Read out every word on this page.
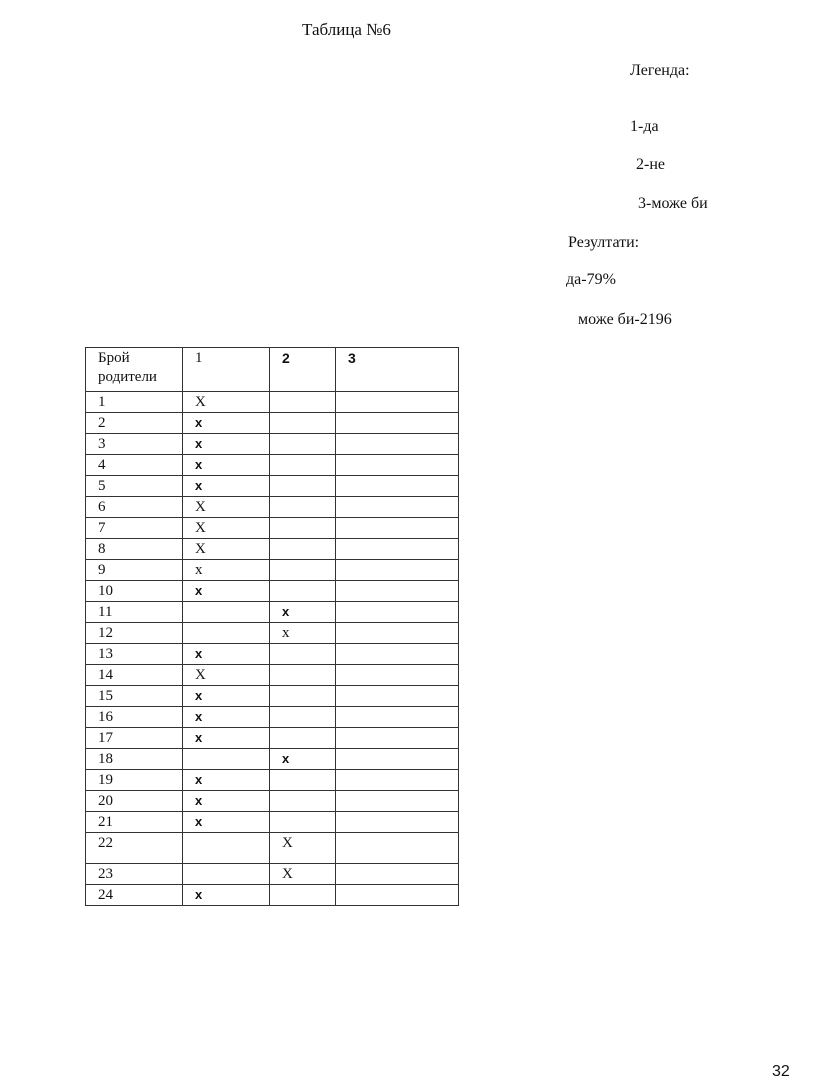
Таблица №6
Легенда:
1-да
2-не
3-може би
Резултати:
да-79%
може би-2196
Брой родители	1	2	3
1	X		
2	x		
3	x		
4	x		
5	x		
6	X		
7	X		
8	X		
9	x		
10	x		
11		x	
12		x	
13	x		
14	X		
15	x		
16	x		
17	x		
18		x	
19	x		
20	x		
21	x		
22		X	
23		X	
24	x		
32
